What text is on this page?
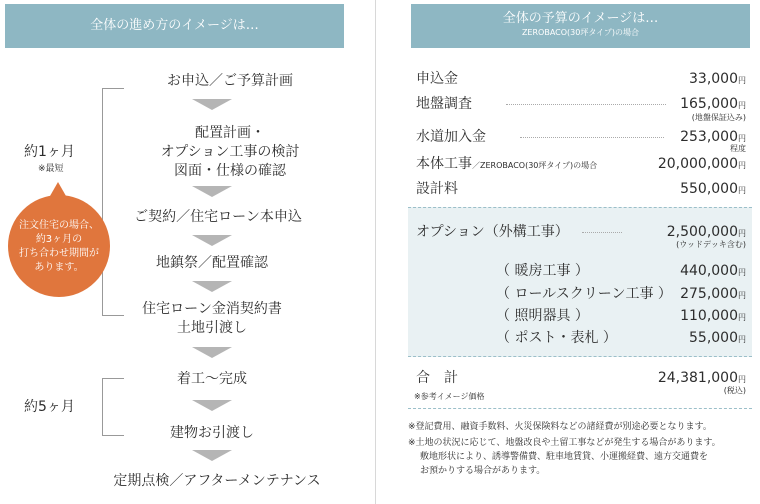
全体の進め方のイメージは…
お申込／ご予算計画
配置計画・
オプション工事の検討
図面・仕様の確認
ご契約／住宅ローン本申込
地鎮祭／配置確認
住宅ローン金消契約書
土地引渡し
着工～完成
建物お引渡し
定期点検／アフターメンテナンス
約1ヶ月
※最短
注文住宅の場合、
約3ヶ月の
打ち合わせ期間が
あります。
約5ヶ月
全体の予算のイメージは…
ZEROBACO(30坪タイプ)の場合
申込金	33,000円
地盤調査	165,000円
(地盤保証込み)
水道加入金	253,000円
程度
本体工事／ZEROBACO(30坪タイプ)の場合	20,000,000円
設計料	550,000円
オプション（外構工事）	2,500,000円
(ウッドデッキ含む)
（ 暖房工事 ）	440,000円
（ ロールスクリーン工事 ） 275,000円
（ 照明器具 ）	110,000円
（ ポスト・表札 ）	55,000円
合　計	24,381,000円
(税込)
※参考イメージ価格
※登記費用、融資手数料、火災保険料などの諸経費が別途必要となります。
※土地の状況に応じて、地盤改良や土留工事などが発生する場合があります。
敷地形状により、誘導警備費、駐車地賃貸、小運搬経費、遠方交通費を
お預かりする場合があります。
